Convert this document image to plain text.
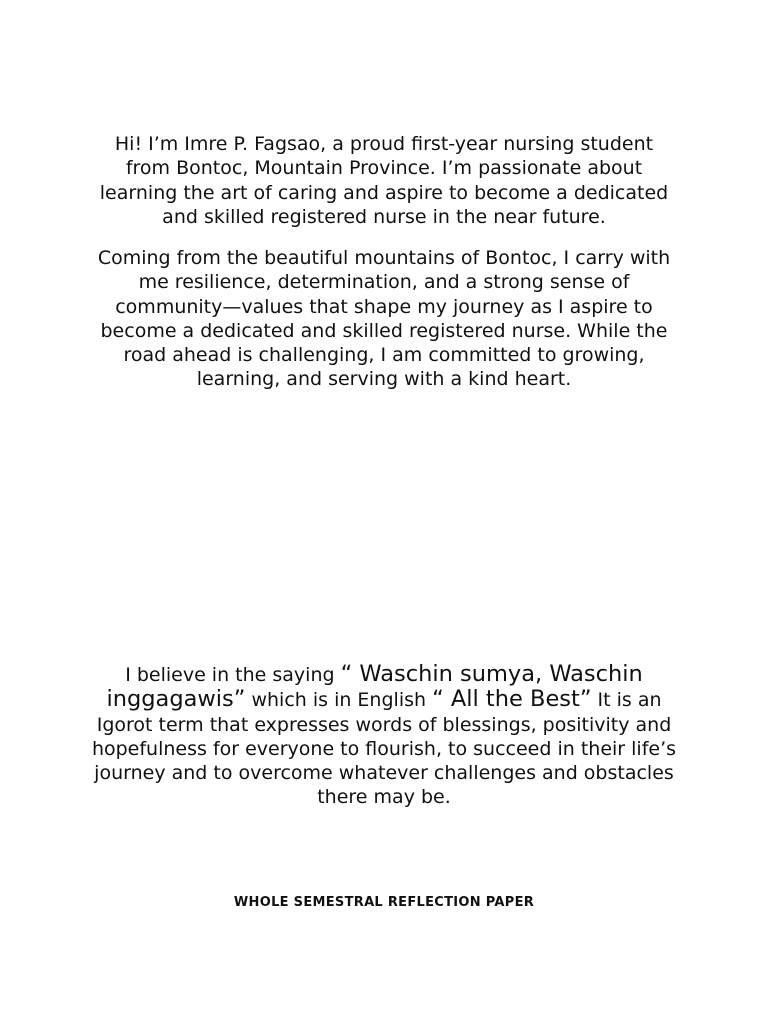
Hi! I’m Imre P. Fagsao, a proud first-year nursing student from Bontoc, Mountain Province. I’m passionate about learning the art of caring and aspire to become a dedicated and skilled registered nurse in the near future.

Coming from the beautiful mountains of Bontoc, I carry with me resilience, determination, and a strong sense of community—values that shape my journey as I aspire to become a dedicated and skilled registered nurse. While the road ahead is challenging, I am committed to growing, learning, and serving with a kind heart.

I believe in the saying “ Waschin sumya, Waschin inggagawis” which is in English “ All the Best” It is an Igorot term that expresses words of blessings, positivity and hopefulness for everyone to flourish, to succeed in their life’s journey and to overcome whatever challenges and obstacles there may be.

WHOLE SEMESTRAL REFLECTION PAPER
